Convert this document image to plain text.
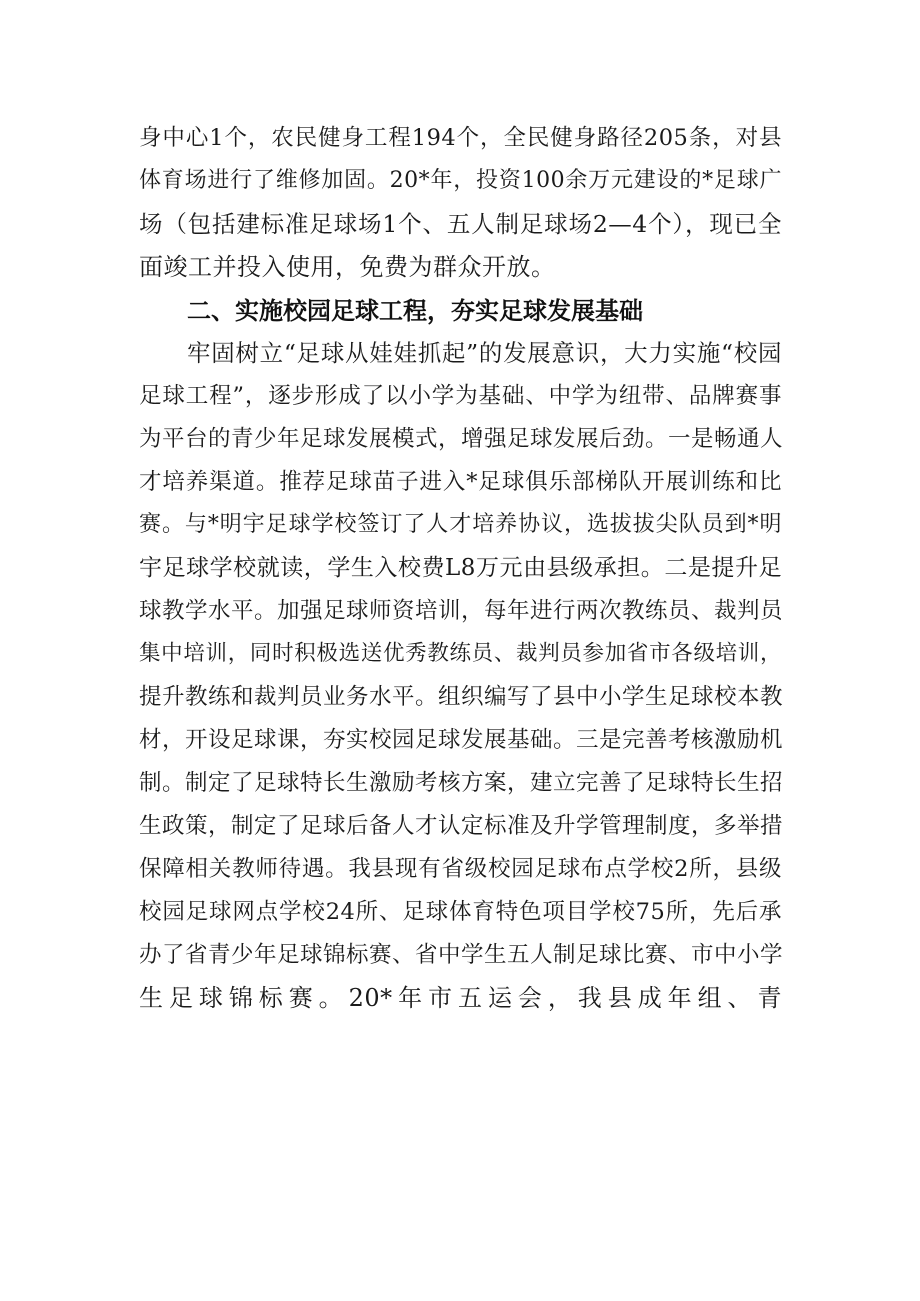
身中心1个，农民健身工程194个，全民健身路径205条，对县
体育场进行了维修加固。20*年，投资100余万元建设的*足球广
场（包括建标准足球场1个、五人制足球场2—4个），现已全
面竣工并投入使用，免费为群众开放。
二、实施校园足球工程，夯实足球发展基础
牢固树立“足球从娃娃抓起”的发展意识，大力实施“校园
足球工程”，逐步形成了以小学为基础、中学为纽带、品牌赛事
为平台的青少年足球发展模式，增强足球发展后劲。一是畅通人
才培养渠道。推荐足球苗子进入*足球俱乐部梯队开展训练和比
赛。与*明宇足球学校签订了人才培养协议，选拔拔尖队员到*明
宇足球学校就读，学生入校费L8万元由县级承担。二是提升足
球教学水平。加强足球师资培训，每年进行两次教练员、裁判员
集中培训，同时积极选送优秀教练员、裁判员参加省市各级培训，
提升教练和裁判员业务水平。组织编写了县中小学生足球校本教
材，开设足球课，夯实校园足球发展基础。三是完善考核激励机
制。制定了足球特长生激励考核方案，建立完善了足球特长生招
生政策，制定了足球后备人才认定标准及升学管理制度，多举措
保障相关教师待遇。我县现有省级校园足球布点学校2所，县级
校园足球网点学校24所、足球体育特色项目学校75所，先后承
办了省青少年足球锦标赛、省中学生五人制足球比赛、市中小学
生足球锦标赛。20*年市五运会，我县成年组、青
